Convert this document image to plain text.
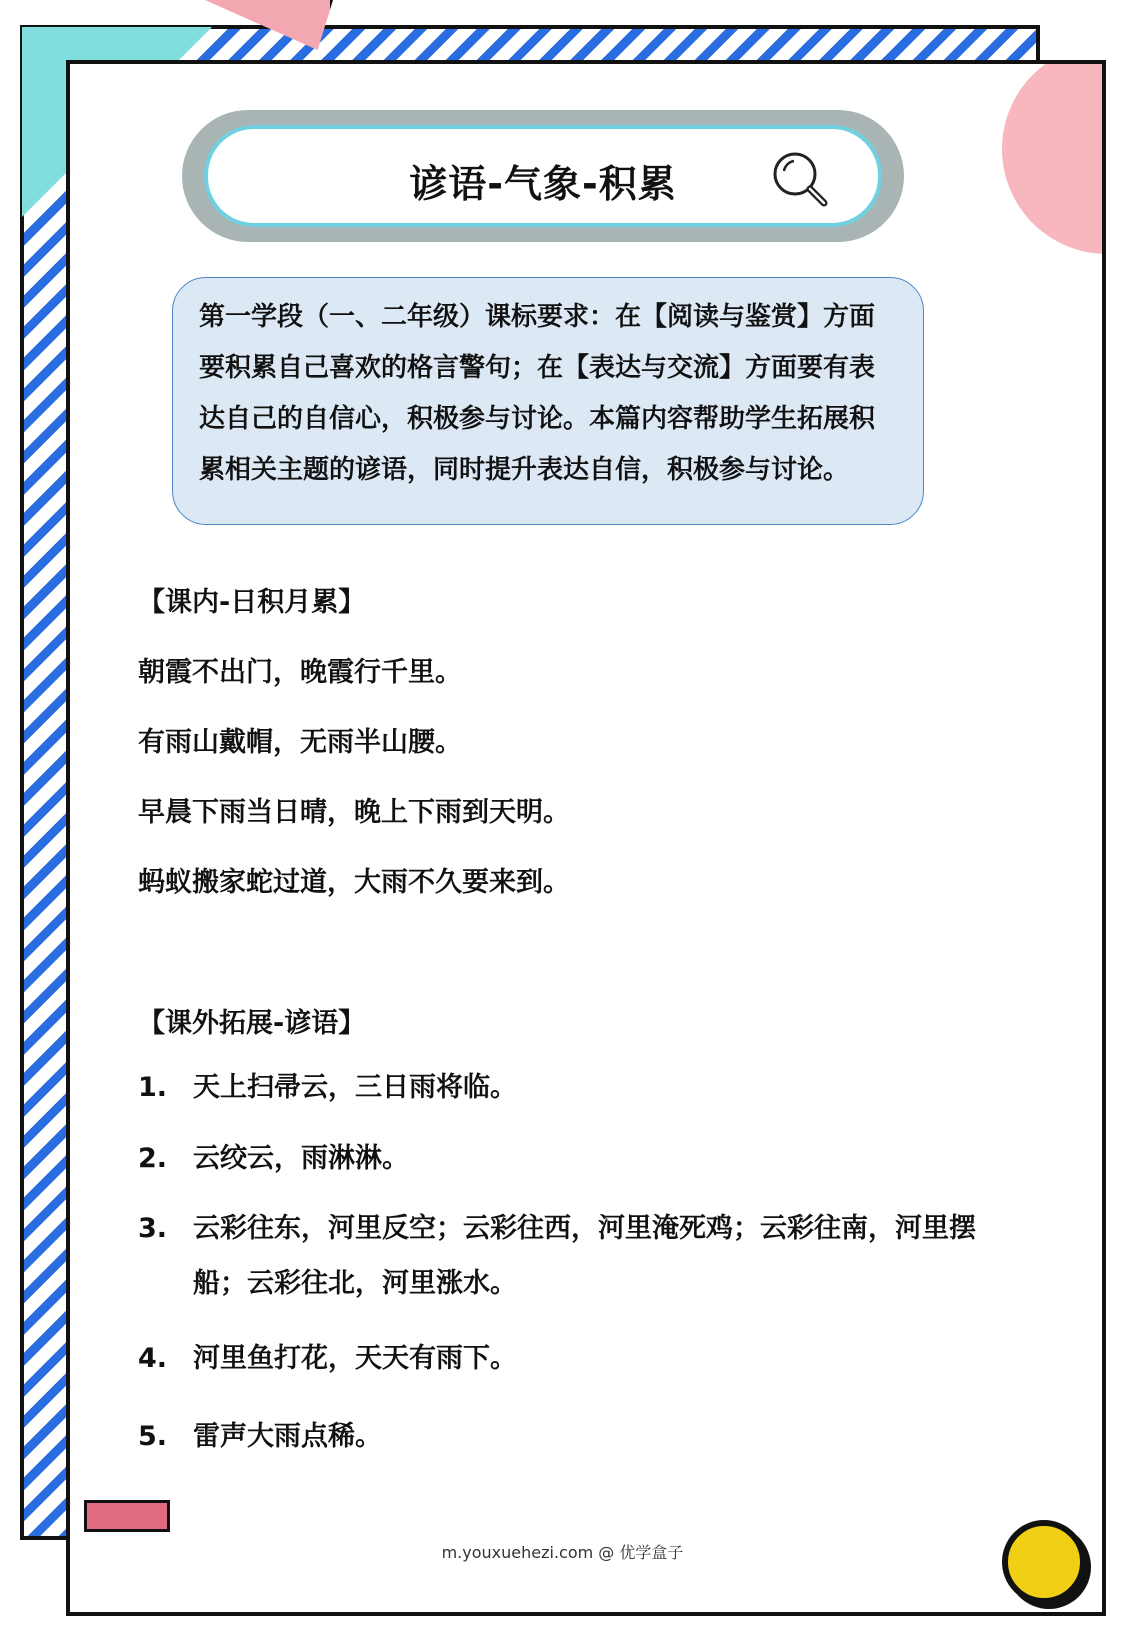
谚语-气象-积累

第一学段（一、二年级）课标要求：在【阅读与鉴赏】方面要积累自己喜欢的格言警句；在【表达与交流】方面要有表达自己的自信心，积极参与讨论。本篇内容帮助学生拓展积累相关主题的谚语，同时提升表达自信，积极参与讨论。

【课内-日积月累】
朝霞不出门，晚霞行千里。
有雨山戴帽，无雨半山腰。
早晨下雨当日晴，晚上下雨到天明。
蚂蚁搬家蛇过道，大雨不久要来到。
【课外拓展-谚语】
1. 天上扫帚云，三日雨将临。
2. 云绞云，雨淋淋。
3. 云彩往东，河里反空；云彩往西，河里淹死鸡；云彩往南，河里摆船；云彩往北，河里涨水。
4. 河里鱼打花，天天有雨下。
5. 雷声大雨点稀。
m.youxuehezi.com @ 优学盒子
